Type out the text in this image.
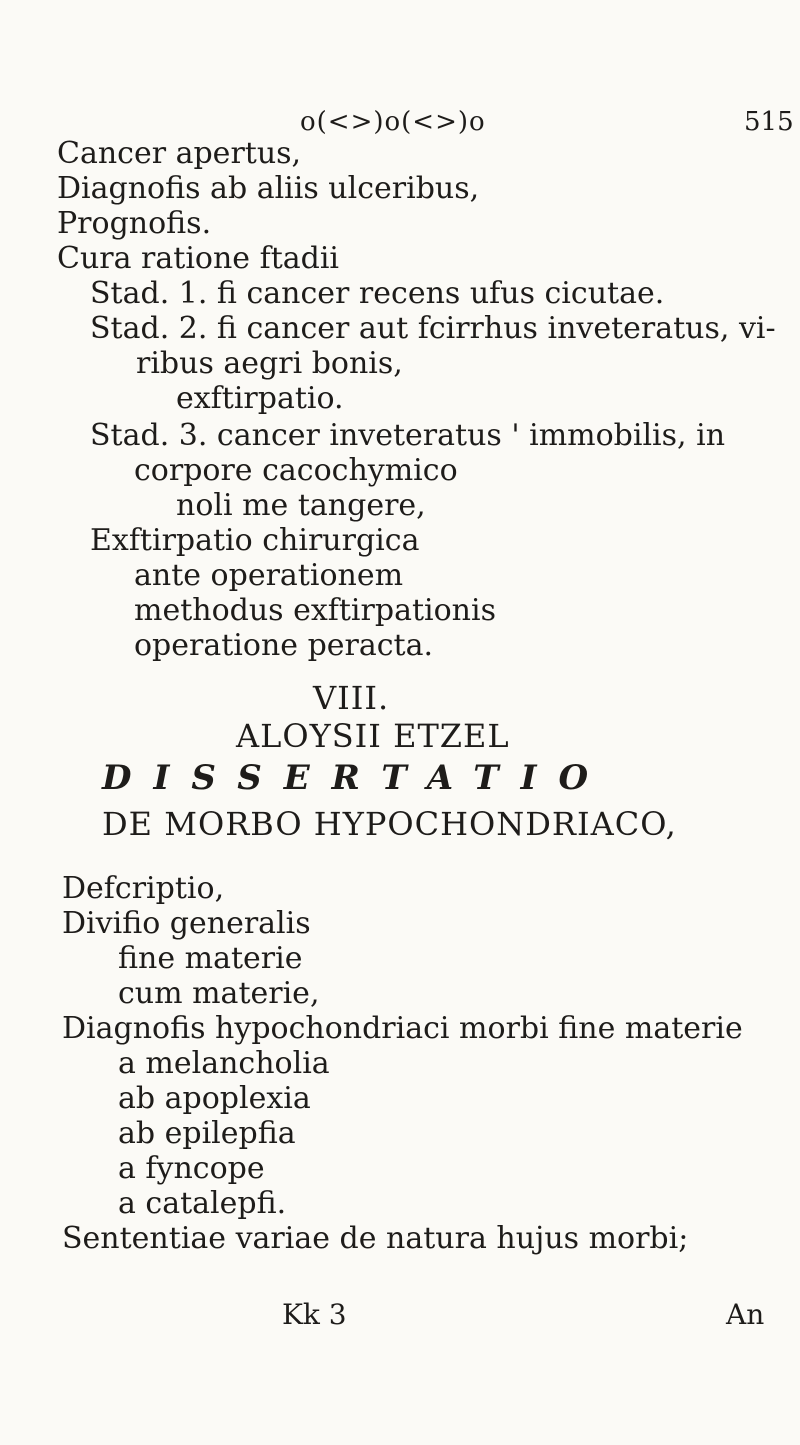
o(<>)o(<>)o	515
Cancer apertus,
Diagnofis ab aliis ulceribus,
Prognofis.
Cura ratione ftadii
Stad. 1. fi cancer recens ufus cicutae.
Stad. 2. fi cancer aut fcirrhus inveteratus, vi-
ribus aegri bonis,
exftirpatio.
Stad. 3. cancer inveteratus ' immobilis, in
corpore cacochymico
noli me tangere,
Exftirpatio chirurgica
ante operationem
methodus exftirpationis
operatione peracta.
VIII.
ALOYSII ETZEL
DISSERTATIO
DE MORBO HYPOCHONDRIACO,
Defcriptio,
Divifio generalis
fine materie
cum materie,
Diagnofis hypochondriaci morbi fine materie
a melancholia
ab apoplexia
ab epilepfia
a fyncope
a catalepfi.
Sententiae variae de natura hujus morbi;
Kk 3	An
